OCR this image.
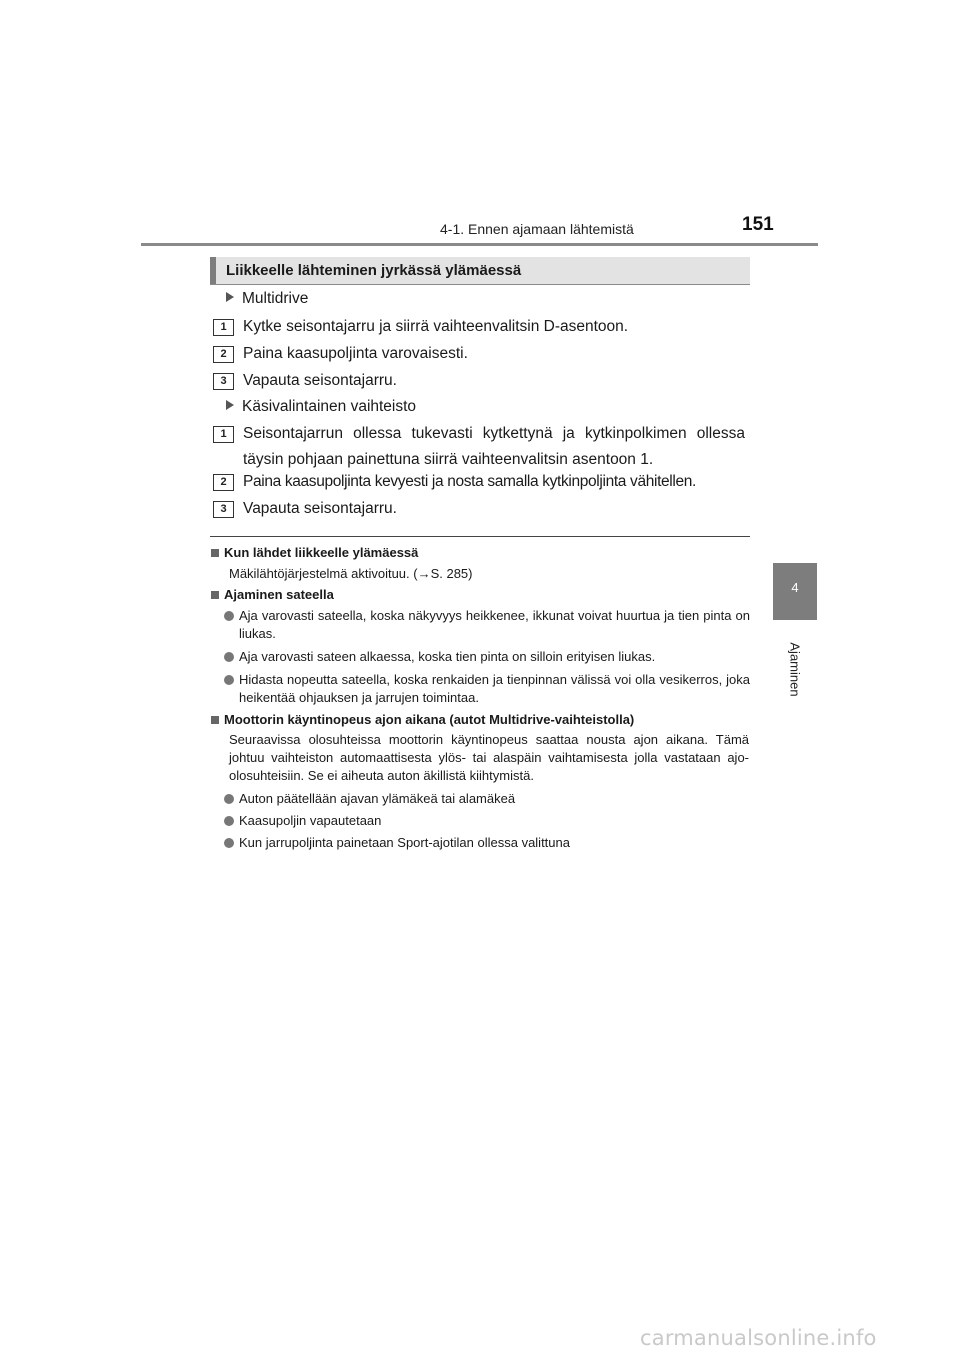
4-1. Ennen ajamaan lähtemistä	151
4
Ajaminen
Liikkeelle lähteminen jyrkässä ylämäessä
Multidrive
1	Kytke seisontajarru ja siirrä vaihteenvalitsin D-asentoon.
2	Paina kaasupoljinta varovaisesti.
3	Vapauta seisontajarru.
Käsivalintainen vaihteisto
1	Seisontajarrun ollessa tukevasti kytkettynä ja kytkinpolkimen ollessa täysin pohjaan painettuna siirrä vaihteenvalitsin asentoon 1.
2	Paina kaasupoljinta kevyesti ja nosta samalla kytkinpoljinta vähitellen.
3	Vapauta seisontajarru.
Kun lähdet liikkeelle ylämäessä
Mäkilähtöjärjestelmä aktivoituu. (→S. 285)
Ajaminen sateella
Aja varovasti sateella, koska näkyvyys heikkenee, ikkunat voivat huurtua ja tien pinta on liukas.
Aja varovasti sateen alkaessa, koska tien pinta on silloin erityisen liukas.
Hidasta nopeutta sateella, koska renkaiden ja tienpinnan välissä voi olla vesikerros, joka heikentää ohjauksen ja jarrujen toimintaa.
Moottorin käyntinopeus ajon aikana (autot Multidrive-vaihteistolla)
Seuraavissa olosuhteissa moottorin käyntinopeus saattaa nousta ajon aikana. Tämä johtuu vaihteiston automaattisesta ylös- tai alaspäin vaihtamisesta jolla vastataan ajo-olosuhteisiin. Se ei aiheuta auton äkillistä kiihtymistä.
Auton päätellään ajavan ylämäkeä tai alamäkeä
Kaasupoljin vapautetaan
Kun jarrupoljinta painetaan Sport-ajotilan ollessa valittuna
carmanualsonline.info
